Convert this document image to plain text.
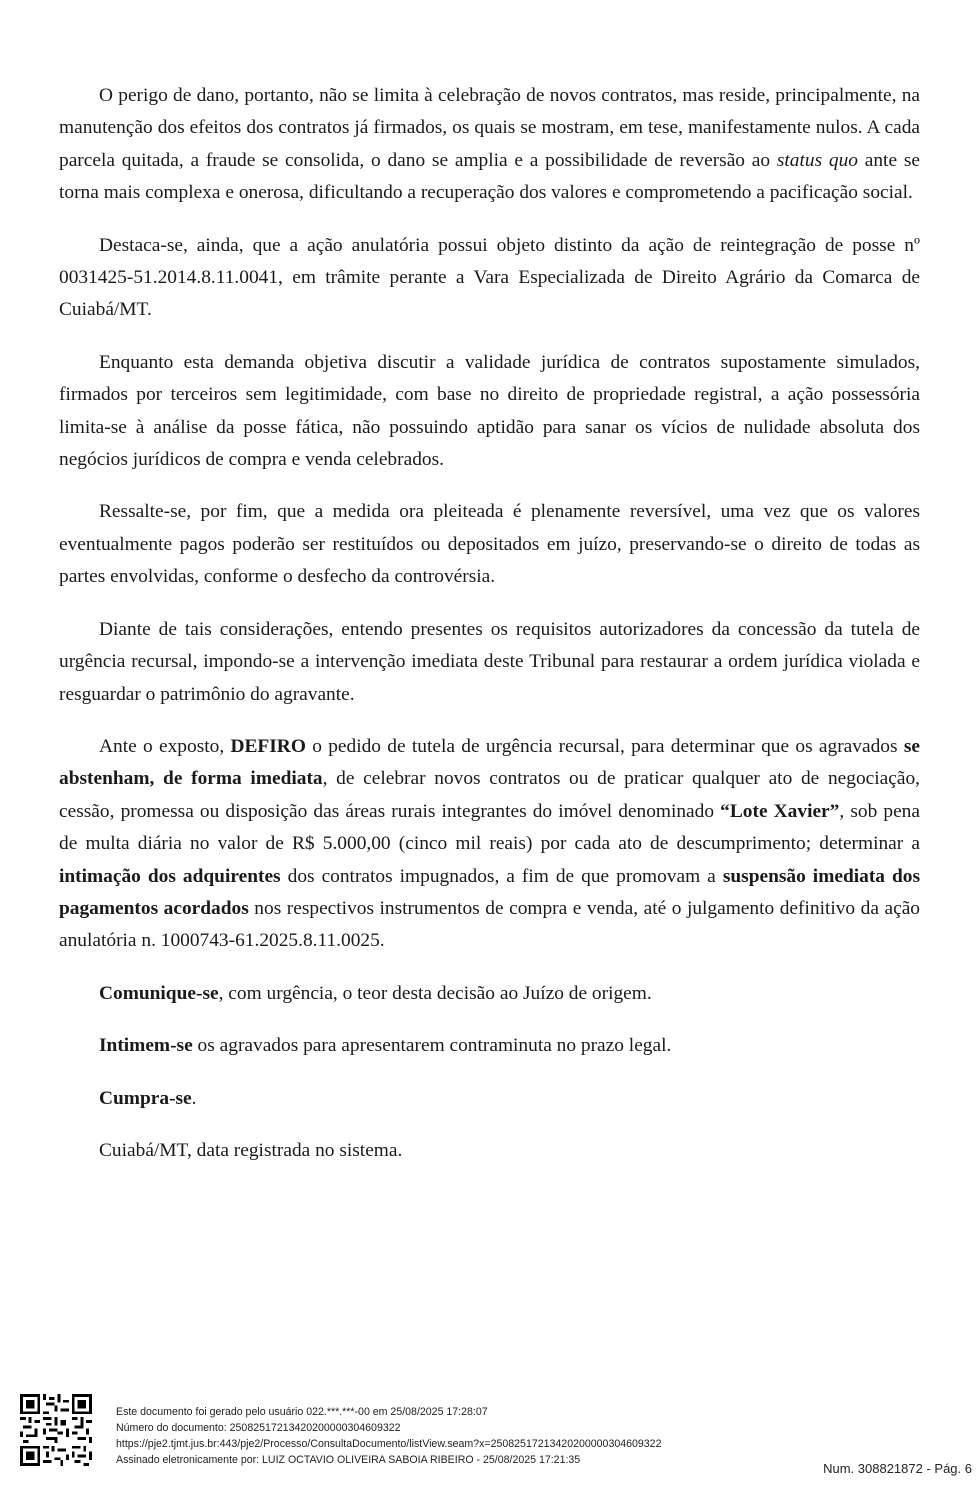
O perigo de dano, portanto, não se limita à celebração de novos contratos, mas reside, principalmente, na manutenção dos efeitos dos contratos já firmados, os quais se mostram, em tese, manifestamente nulos. A cada parcela quitada, a fraude se consolida, o dano se amplia e a possibilidade de reversão ao status quo ante se torna mais complexa e onerosa, dificultando a recuperação dos valores e comprometendo a pacificação social.

Destaca-se, ainda, que a ação anulatória possui objeto distinto da ação de reintegração de posse nº 0031425-51.2014.8.11.0041, em trâmite perante a Vara Especializada de Direito Agrário da Comarca de Cuiabá/MT.

Enquanto esta demanda objetiva discutir a validade jurídica de contratos supostamente simulados, firmados por terceiros sem legitimidade, com base no direito de propriedade registral, a ação possessória limita-se à análise da posse fática, não possuindo aptidão para sanar os vícios de nulidade absoluta dos negócios jurídicos de compra e venda celebrados.

Ressalte-se, por fim, que a medida ora pleiteada é plenamente reversível, uma vez que os valores eventualmente pagos poderão ser restituídos ou depositados em juízo, preservando-se o direito de todas as partes envolvidas, conforme o desfecho da controvérsia.

Diante de tais considerações, entendo presentes os requisitos autorizadores da concessão da tutela de urgência recursal, impondo-se a intervenção imediata deste Tribunal para restaurar a ordem jurídica violada e resguardar o patrimônio do agravante.

Ante o exposto, DEFIRO o pedido de tutela de urgência recursal, para determinar que os agravados se abstenham, de forma imediata, de celebrar novos contratos ou de praticar qualquer ato de negociação, cessão, promessa ou disposição das áreas rurais integrantes do imóvel denominado “Lote Xavier”, sob pena de multa diária no valor de R$ 5.000,00 (cinco mil reais) por cada ato de descumprimento; determinar a intimação dos adquirentes dos contratos impugnados, a fim de que promovam a suspensão imediata dos pagamentos acordados nos respectivos instrumentos de compra e venda, até o julgamento definitivo da ação anulatória n. 1000743-61.2025.8.11.0025.

Comunique-se, com urgência, o teor desta decisão ao Juízo de origem.

Intimem-se os agravados para apresentarem contraminuta no prazo legal.

Cumpra-se.

Cuiabá/MT, data registrada no sistema.

Este documento foi gerado pelo usuário 022.***.***-00 em 25/08/2025 17:28:07
Número do documento: 25082517213420200000304609322
https://pje2.tjmt.jus.br:443/pje2/Processo/ConsultaDocumento/listView.seam?x=25082517213420200000304609322
Assinado eletronicamente por: LUIZ OCTAVIO OLIVEIRA SABOIA RIBEIRO - 25/08/2025 17:21:35
Num. 308821872 - Pág. 6
